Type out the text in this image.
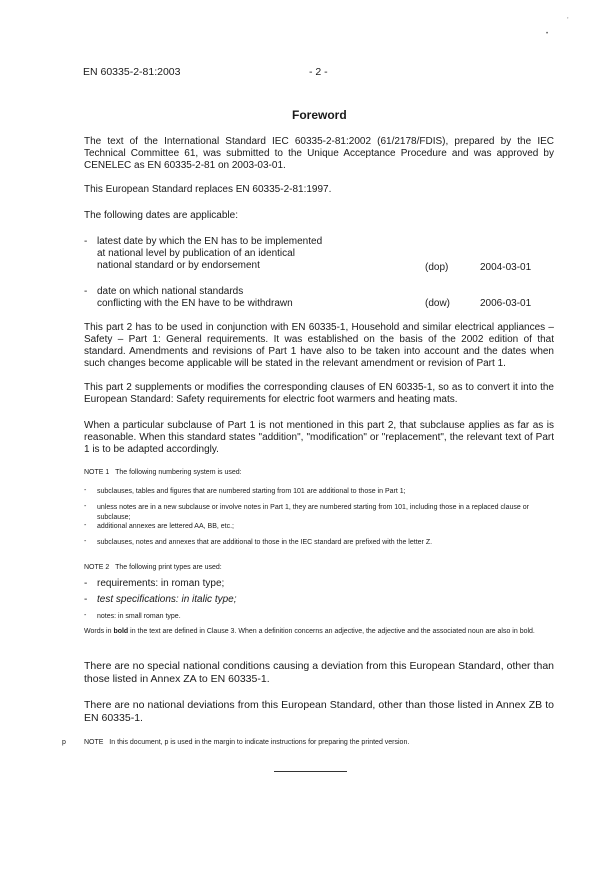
,
•
EN 60335-2-81:2003	- 2 -
Foreword
The text of the International Standard IEC 60335-2-81:2002 (61/2178/FDIS), prepared by the IEC Technical Committee 61, was submitted to the Unique Acceptance Procedure and was approved by CENELEC as EN 60335-2-81 on 2003-03-01.
This European Standard replaces EN 60335-2-81:1997.
The following dates are applicable:
- latest date by which the EN has to be implemented
at national level by publication of an identical
national standard or by endorsement	(dop)	2004-03-01
- date on which national standards
conflicting with the EN have to be withdrawn	(dow)	2006-03-01
This part 2 has to be used in conjunction with EN 60335-1, Household and similar electrical appliances – Safety – Part 1: General requirements. It was established on the basis of the 2002 edition of that standard. Amendments and revisions of Part 1 have also to be taken into account and the dates when such changes become applicable will be stated in the relevant amendment or revision of Part 1.
This part 2 supplements or modifies the corresponding clauses of EN 60335-1, so as to convert it into the European Standard: Safety requirements for electric foot warmers and heating mats.
When a particular subclause of Part 1 is not mentioned in this part 2, that subclause applies as far as is reasonable. When this standard states "addition", "modification" or "replacement", the relevant text of Part 1 is to be adapted accordingly.
NOTE 1 The following numbering system is used:
- subclauses, tables and figures that are numbered starting from 101 are additional to those in Part 1;
- unless notes are in a new subclause or involve notes in Part 1, they are numbered starting from 101, including those in a replaced clause or subclause;
- additional annexes are lettered AA, BB, etc.;
- subclauses, notes and annexes that are additional to those in the IEC standard are prefixed with the letter Z.
NOTE 2 The following print types are used:
- requirements: in roman type;
- test specifications: in italic type;
- notes: in small roman type.
Words in bold in the text are defined in Clause 3. When a definition concerns an adjective, the adjective and the associated noun are also in bold.
There are no special national conditions causing a deviation from this European Standard, other than those listed in Annex ZA to EN 60335-1.
There are no national deviations from this European Standard, other than those listed in Annex ZB to EN 60335-1.
p	NOTE In this document, p is used in the margin to indicate instructions for preparing the printed version.
